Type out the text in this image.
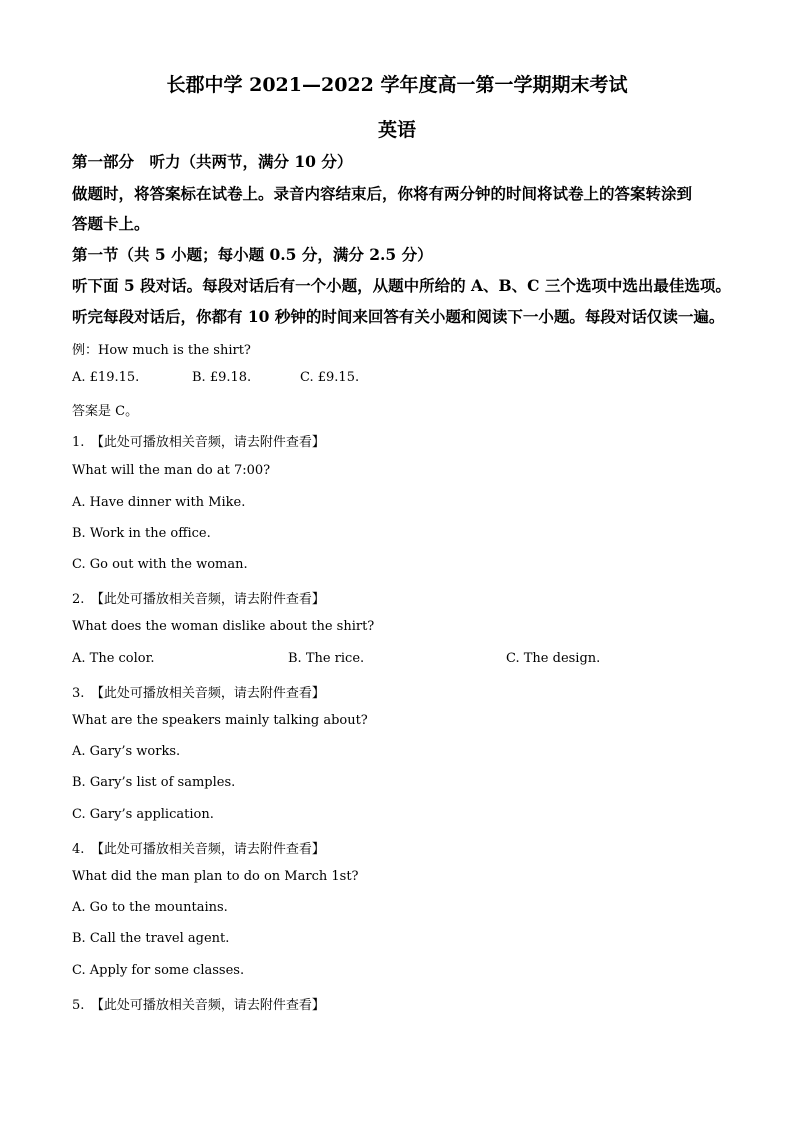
长郡中学 2021—2022 学年度高一第一学期期末考试
英语
第一部分　听力（共两节，满分 10 分）
做题时，将答案标在试卷上。录音内容结束后，你将有两分钟的时间将试卷上的答案转涂到
答题卡上。
第一节（共 5 小题；每小题 0.5 分，满分 2.5 分）
听下面 5 段对话。每段对话后有一个小题，从题中所给的 A、B、C 三个选项中选出最佳选项。
听完每段对话后，你都有 10 秒钟的时间来回答有关小题和阅读下一小题。每段对话仅读一遍。
例：How much is the shirt?
A. £19.15.	B. £9.18.	C. £9.15.
答案是 C。
1.　【此处可播放相关音频，请去附件查看】
What will the man do at 7:00?
A. Have dinner with Mike.
B. Work in the office.
C. Go out with the woman.
2.　【此处可播放相关音频，请去附件查看】
What does the woman dislike about the shirt?
A. The color.	B. The rice.	C. The design.
3.　【此处可播放相关音频，请去附件查看】
What are the speakers mainly talking about?
A. Gary’s works.
B. Gary’s list of samples.
C. Gary’s application.
4.　【此处可播放相关音频，请去附件查看】
What did the man plan to do on March 1st?
A. Go to the mountains.
B. Call the travel agent.
C. Apply for some classes.
5.　【此处可播放相关音频，请去附件查看】
